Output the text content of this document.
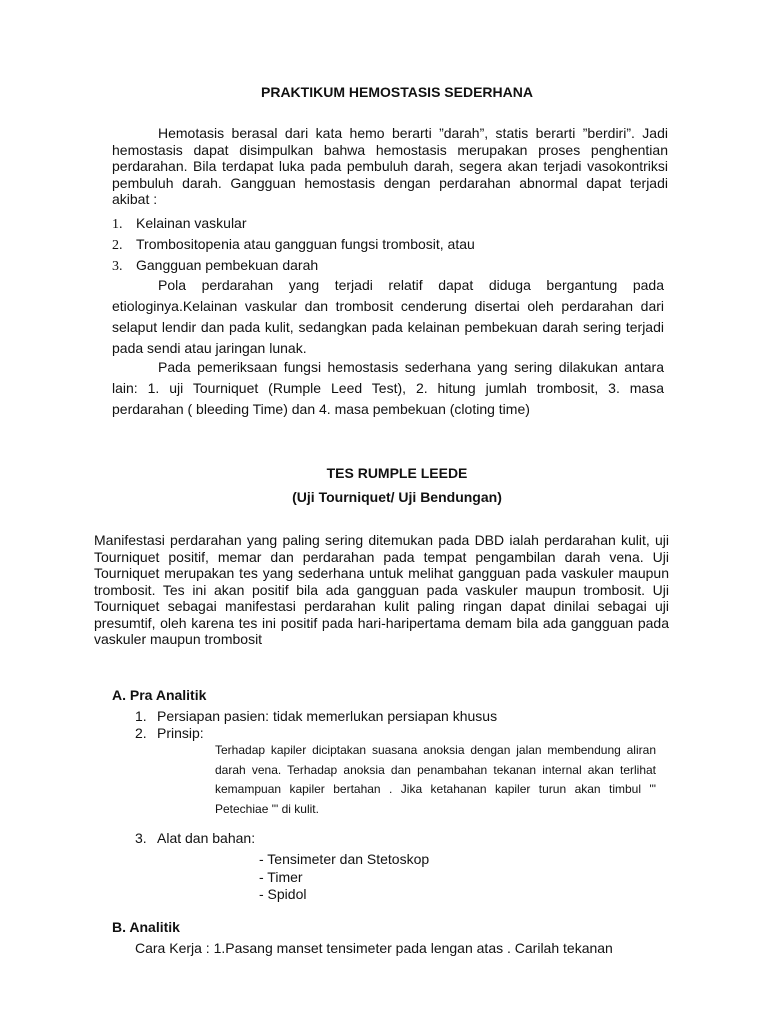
PRAKTIKUM HEMOSTASIS SEDERHANA

Hemotasis berasal dari kata hemo berarti ”darah”, statis berarti ”berdiri”. Jadi hemostasis dapat disimpulkan bahwa hemostasis merupakan proses penghentian perdarahan. Bila terdapat luka pada pembuluh darah, segera akan terjadi vasokontriksi pembuluh darah. Gangguan hemostasis dengan perdarahan abnormal dapat terjadi akibat :

1. Kelainan vaskular
2. Trombositopenia atau gangguan fungsi trombosit, atau
3. Gangguan pembekuan darah

Pola perdarahan yang terjadi relatif dapat diduga bergantung pada etiologinya.Kelainan vaskular dan trombosit cenderung disertai oleh perdarahan dari selaput lendir dan pada kulit, sedangkan pada kelainan pembekuan darah sering terjadi pada sendi atau jaringan lunak.

Pada pemeriksaan fungsi hemostasis sederhana yang sering dilakukan antara lain: 1. uji Tourniquet (Rumple Leed Test), 2. hitung jumlah trombosit, 3. masa perdarahan ( bleeding Time) dan 4. masa pembekuan (cloting time)

TES RUMPLE LEEDE
(Uji Tourniquet/ Uji Bendungan)

Manifestasi perdarahan yang paling sering ditemukan pada DBD ialah perdarahan kulit, uji Tourniquet positif, memar dan perdarahan pada tempat pengambilan darah vena. Uji Tourniquet merupakan tes yang sederhana untuk melihat gangguan pada vaskuler maupun trombosit. Tes ini akan positif bila ada gangguan pada vaskuler maupun trombosit. Uji Tourniquet sebagai manifestasi perdarahan kulit paling ringan dapat dinilai sebagai uji presumtif, oleh karena tes ini positif pada hari-haripertama demam bila ada gangguan pada vaskuler maupun trombosit

A. Pra Analitik
1. Persiapan pasien: tidak memerlukan persiapan khusus
2. Prinsip:

Terhadap kapiler diciptakan suasana anoksia dengan jalan membendung aliran darah vena. Terhadap anoksia dan penambahan tekanan internal akan terlihat kemampuan kapiler bertahan . Jika ketahanan kapiler turun akan timbul "' Petechiae "' di kulit.

3. Alat dan bahan:
- Tensimeter dan Stetoskop
- Timer
- Spidol
B. Analitik
Cara Kerja : 1.Pasang manset tensimeter pada lengan atas . Carilah tekanan
